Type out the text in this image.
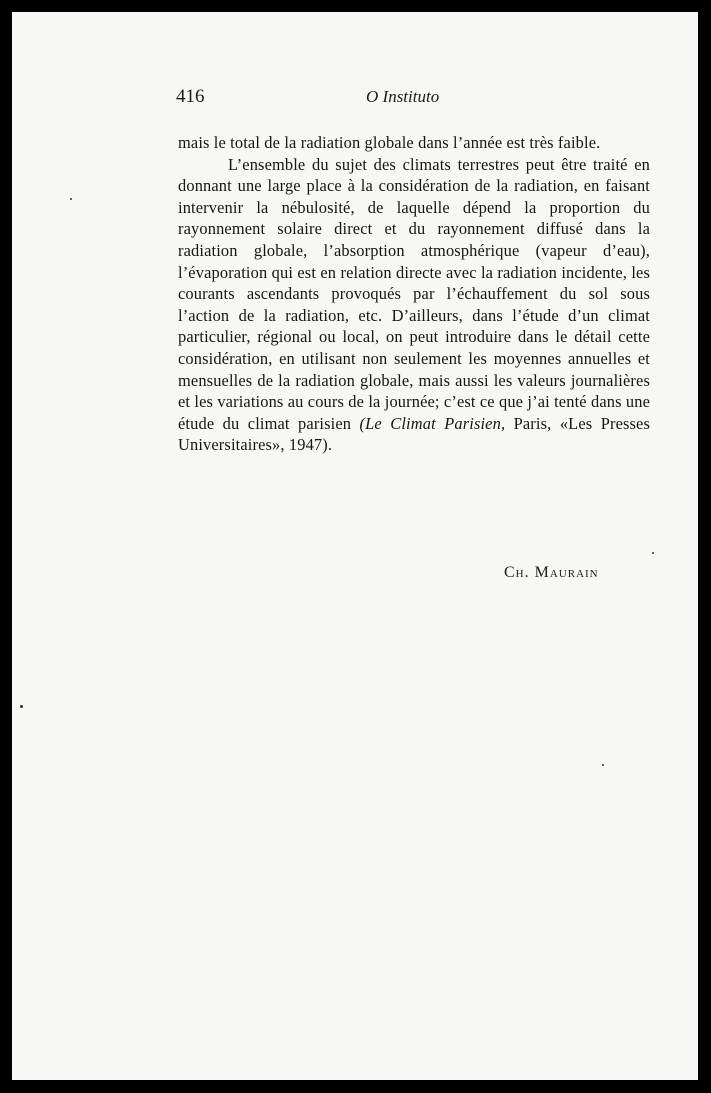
416	O Instituto

mais le total de la radiation globale dans l’année est très faible.

L’ensemble du sujet des climats terrestres peut être traité en donnant une large place à la considération de la radiation, en faisant intervenir la nébulosité, de laquelle dépend la proportion du rayonnement solaire direct et du rayonnement diffusé dans la radiation globale, l’absorption atmosphérique (vapeur d’eau), l’évaporation qui est en relation directe avec la radiation incidente, les courants ascendants provoqués par l’échauffement du sol sous l’action de la radiation, etc. D’ailleurs, dans l’étude d’un climat particulier, régional ou local, on peut introduire dans le détail cette considération, en utilisant non seulement les moyennes annuelles et mensuelles de la radiation globale, mais aussi les valeurs journalières et les variations au cours de la journée; c’est ce que j’ai tenté dans une étude du climat parisien (Le Climat Parisien, Paris, «Les Presses Universitaires», 1947).

Ch. Maurain
